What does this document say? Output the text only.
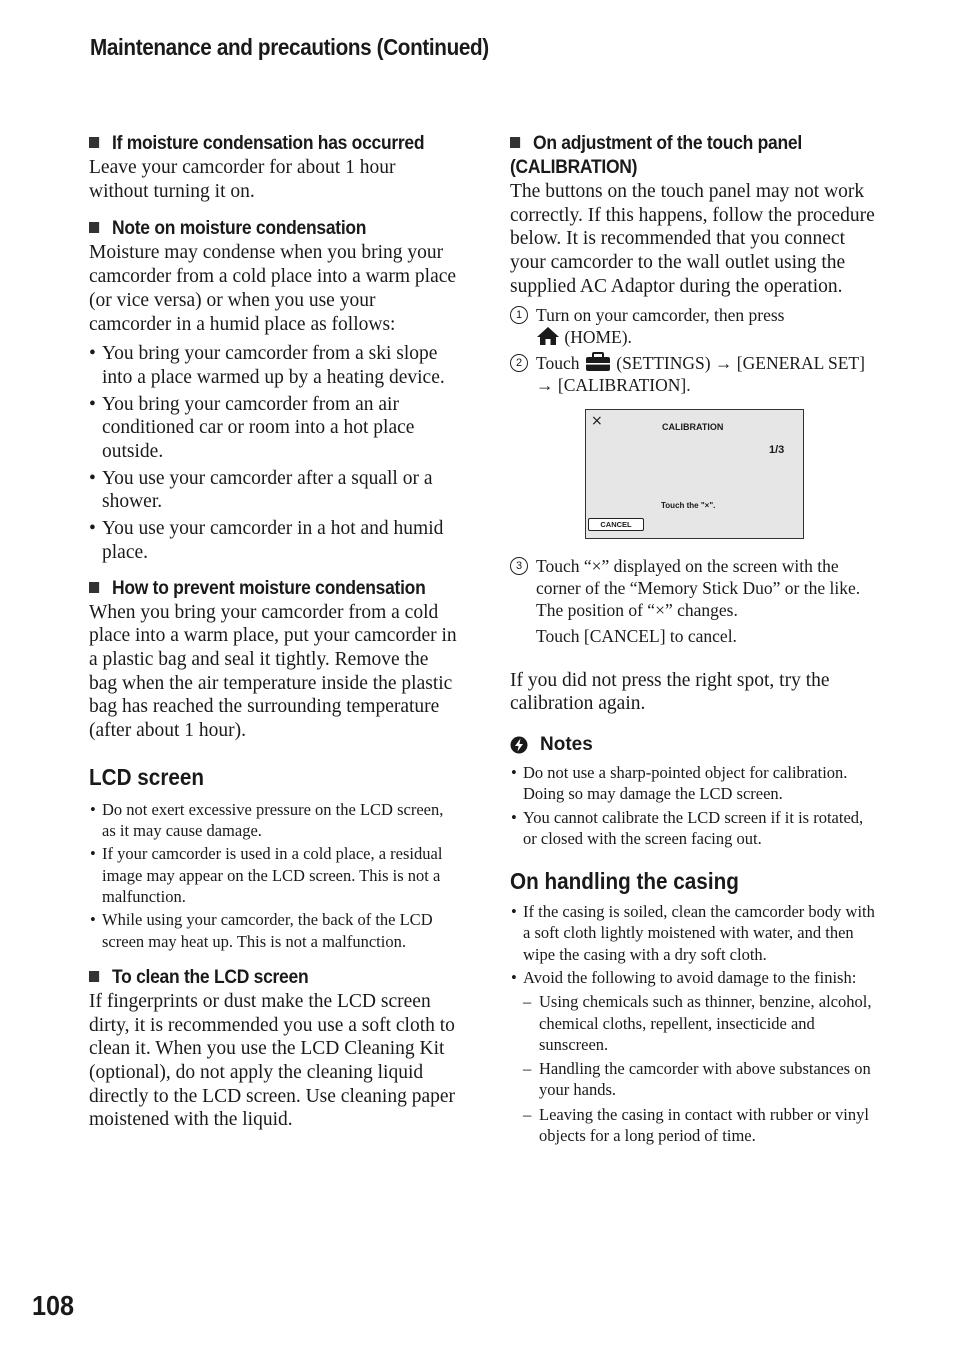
Maintenance and precautions (Continued)
If moisture condensation has occurred

Leave your camcorder for about 1 hour without turning it on.

Note on moisture condensation

Moisture may condense when you bring your camcorder from a cold place into a warm place (or vice versa) or when you use your camcorder in a humid place as follows:

• You bring your camcorder from a ski slope into a place warmed up by a heating device.
• You bring your camcorder from an air conditioned car or room into a hot place outside.
• You use your camcorder after a squall or a shower.
• You use your camcorder in a hot and humid place.
How to prevent moisture condensation

When you bring your camcorder from a cold place into a warm place, put your camcorder in a plastic bag and seal it tightly. Remove the bag when the air temperature inside the plastic bag has reached the surrounding temperature (after about 1 hour).

LCD screen
• Do not exert excessive pressure on the LCD screen, as it may cause damage.
• If your camcorder is used in a cold place, a residual image may appear on the LCD screen. This is not a malfunction.
• While using your camcorder, the back of the LCD screen may heat up. This is not a malfunction.
To clean the LCD screen

If fingerprints or dust make the LCD screen dirty, it is recommended you use a soft cloth to clean it. When you use the LCD Cleaning Kit (optional), do not apply the cleaning liquid directly to the LCD screen. Use cleaning paper moistened with the liquid.

On adjustment of the touch panel
(CALIBRATION)

The buttons on the touch panel may not work correctly. If this happens, follow the procedure below. It is recommended that you connect your camcorder to the wall outlet using the supplied AC Adaptor during the operation.

1 Turn on your camcorder, then press
(HOME).
2 Touch (SETTINGS) → [GENERAL SET] → [CALIBRATION].
×	CALIBRATION
1/3
Touch the "×".
CANCEL
3 Touch “×” displayed on the screen with the corner of the “Memory Stick Duo” or the like. The position of “×” changes.
Touch [CANCEL] to cancel.

If you did not press the right spot, try the calibration again.

Notes
• Do not use a sharp-pointed object for calibration. Doing so may damage the LCD screen.
• You cannot calibrate the LCD screen if it is rotated, or closed with the screen facing out.
On handling the casing
• If the casing is soiled, clean the camcorder body with a soft cloth lightly moistened with water, and then wipe the casing with a dry soft cloth.
• Avoid the following to avoid damage to the finish:
– Using chemicals such as thinner, benzine, alcohol, chemical cloths, repellent, insecticide and sunscreen.
– Handling the camcorder with above substances on your hands.
– Leaving the casing in contact with rubber or vinyl objects for a long period of time.
108
